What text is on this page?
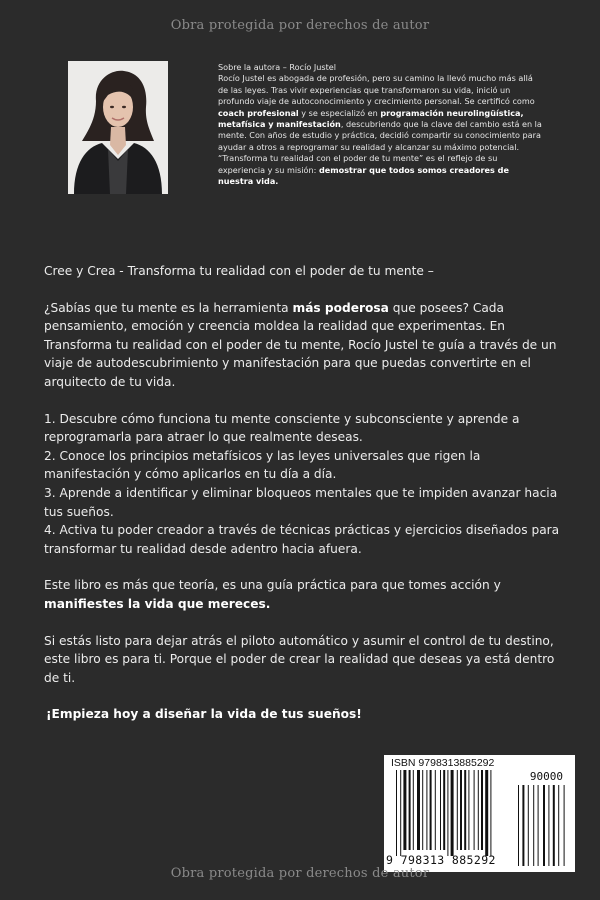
Obra protegida por derechos de autor

Sobre la autora – Rocío Justel

Rocío Justel es abogada de profesión, pero su camino la llevó mucho más allá de las leyes. Tras vivir experiencias que transformaron su vida, inició un profundo viaje de autoconocimiento y crecimiento personal. Se certificó como coach profesional y se especializó en programación neurolingüística, metafísica y manifestación, descubriendo que la clave del cambio está en la mente. Con años de estudio y práctica, decidió compartir su conocimiento para ayudar a otros a reprogramar su realidad y alcanzar su máximo potencial. “Transforma tu realidad con el poder de tu mente” es el reflejo de su experiencia y su misión: demostrar que todos somos creadores de nuestra vida.

Cree y Crea - Transforma tu realidad con el poder de tu mente –

¿Sabías que tu mente es la herramienta más poderosa que posees? Cada pensamiento, emoción y creencia moldea la realidad que experimentas. En Transforma tu realidad con el poder de tu mente, Rocío Justel te guía a través de un viaje de autodescubrimiento y manifestación para que puedas convertirte en el arquitecto de tu vida.

1. Descubre cómo funciona tu mente consciente y subconsciente y aprende a reprogramarla para atraer lo que realmente deseas.

2. Conoce los principios metafísicos y las leyes universales que rigen la manifestación y cómo aplicarlos en tu día a día.

3. Aprende a identificar y eliminar bloqueos mentales que te impiden avanzar hacia tus sueños.

4. Activa tu poder creador a través de técnicas prácticas y ejercicios diseñados para transformar tu realidad desde adentro hacia afuera.

Este libro es más que teoría, es una guía práctica para que tomes acción y manifiestes la vida que mereces.

Si estás listo para dejar atrás el piloto automático y asumir el control de tu destino, este libro es para ti. Porque el poder de crear la realidad que deseas ya está dentro de ti.

¡Empieza hoy a diseñar la vida de tus sueños!

ISBN 9798313885292
90000
9 798313 885292
Obra protegida por derechos de autor
